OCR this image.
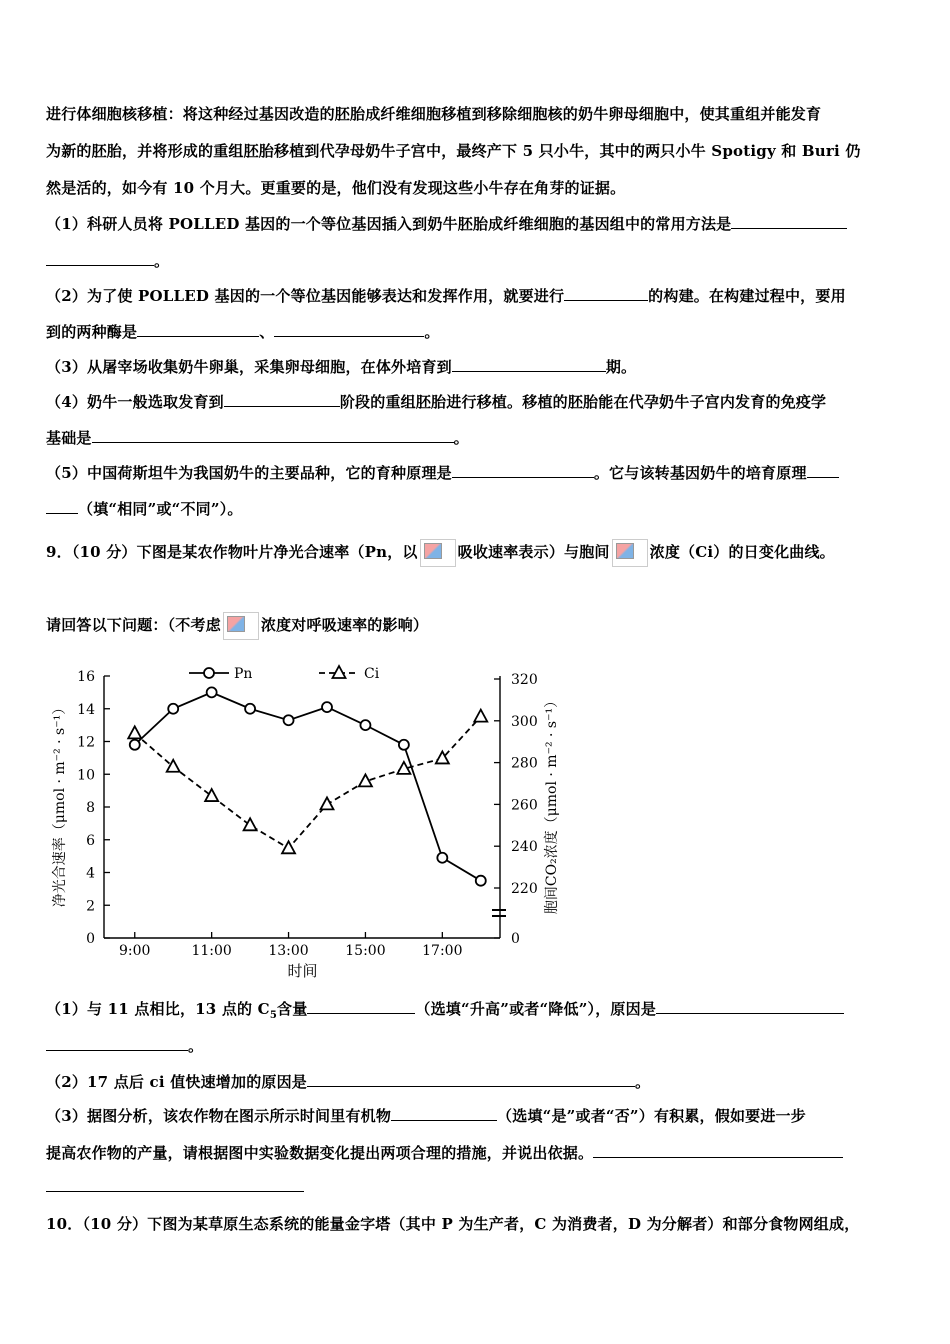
进行体细胞核移植：将这种经过基因改造的胚胎成纤维细胞移植到移除细胞核的奶牛卵母细胞中，使其重组并能发育
为新的胚胎，并将形成的重组胚胎移植到代孕母奶牛子宫中，最终产下 5 只小牛，其中的两只小牛 Spotigy 和 Buri 仍
然是活的，如今有 10 个月大。更重要的是，他们没有发现这些小牛存在角芽的证据。
（1）科研人员将 POLLED 基因的一个等位基因插入到奶牛胚胎成纤维细胞的基因组中的常用方法是
。
（2）为了使 POLLED 基因的一个等位基因能够表达和发挥作用，就要进行	的构建。在构建过程中，要用
到的两种酶是	、	。
（3）从屠宰场收集奶牛卵巢，采集卵母细胞，在体外培育到	期。
（4）奶牛一般选取发育到	阶段的重组胚胎进行移植。移植的胚胎能在代孕奶牛子宫内发育的免疫学
基础是	。
（5）中国荷斯坦牛为我国奶牛的主要品种，它的育种原理是	。它与该转基因奶牛的培育原理
（填“相同”或“不同”）。
9．（10 分）下图是某农作物叶片净光合速率（Pn，以	吸收速率表示）与胞间	浓度（Ci）的日变化曲线。
请回答以下问题：（不考虑	浓度对呼吸速率的影响）
0
2
4
6
8
10
12
14
16
0
220
240
260
280
300
320
9:00	11:00	13:00	15:00	17:00
时间
净光合速率（μmol · m⁻² · s⁻¹）	胞间CO₂浓度（μmol · m⁻² · s⁻¹）
Pn	Ci
（1）与 11 点相比，13 点的 $C_5$含量	（选填“升高”或者“降低”），原因是
。
（2）17 点后 ci 值快速增加的原因是	。
（3）据图分析，该农作物在图示所示时间里有机物	（选填“是”或者“否”）有积累，假如要进一步
提高农作物的产量，请根据图中实验数据变化提出两项合理的措施，并说出依据。
10．（10 分）下图为某草原生态系统的能量金字塔（其中 P 为生产者，C 为消费者，D 为分解者）和部分食物网组成，
